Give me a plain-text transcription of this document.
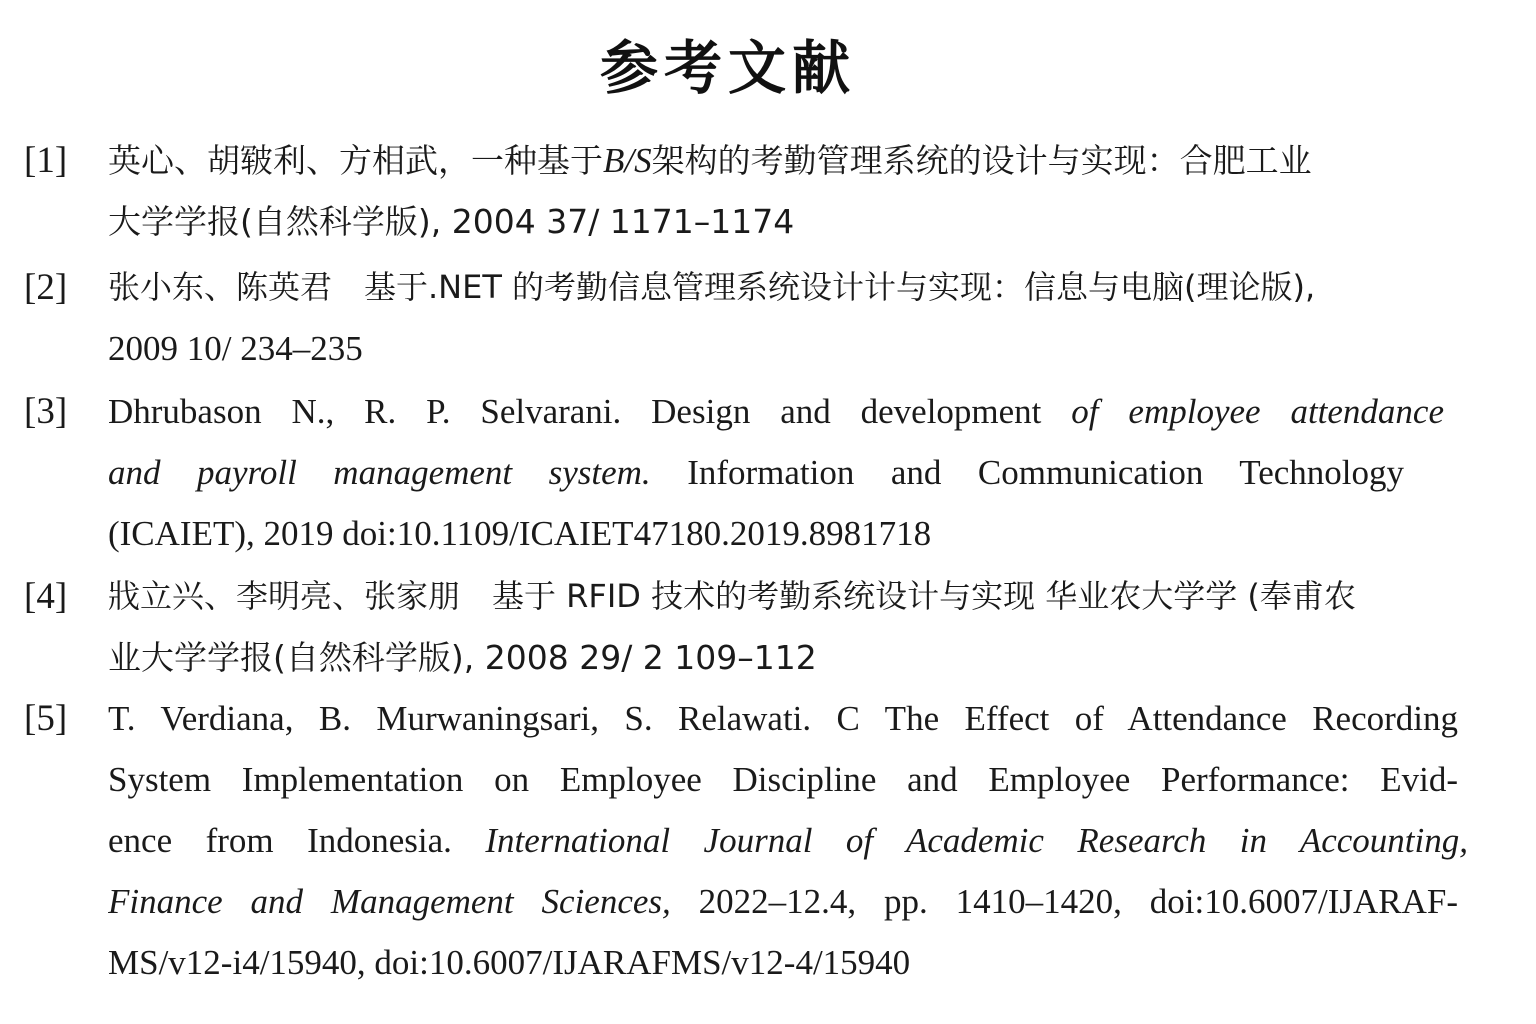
参考文献
[1] 英心、胡皲利、方相武，一种基于B/S架构的考勤管理系统的设计与实现：合肥工业
大学学报(自然科学版), 2004 37/ 1171–1174
[2] 张小东、陈英君　基于.NET 的考勤信息管理系统设计计与实现：信息与电脑(理论版),
2009 10/ 234–235
[3] Dhrubason N., R. P. Selvarani. Design and development of employee attendance
and payroll management system. Information and Communication Technology
(ICAIET), 2019 doi:10.1109/ICAIET47180.2019.8981718
[4] 戕立兴、李明亮、张家朋　基于 RFID 技术的考勤系统设计与实现 华业农大学学 (奉甫农
业大学学报(自然科学版), 2008 29/ 2 109–112
[5] T. Verdiana, B. Murwaningsari, S. Relawati. C The Effect of Attendance Recording
System Implementation on Employee Discipline and Employee Performance: Evid-
ence from Indonesia. International Journal of Academic Research in Accounting,
Finance and Management Sciences, 2022–12.4, pp. 1410–1420, doi:10.6007/IJARAF-
MS/v12-i4/15940, doi:10.6007/IJARAFMS/v12-4/15940
